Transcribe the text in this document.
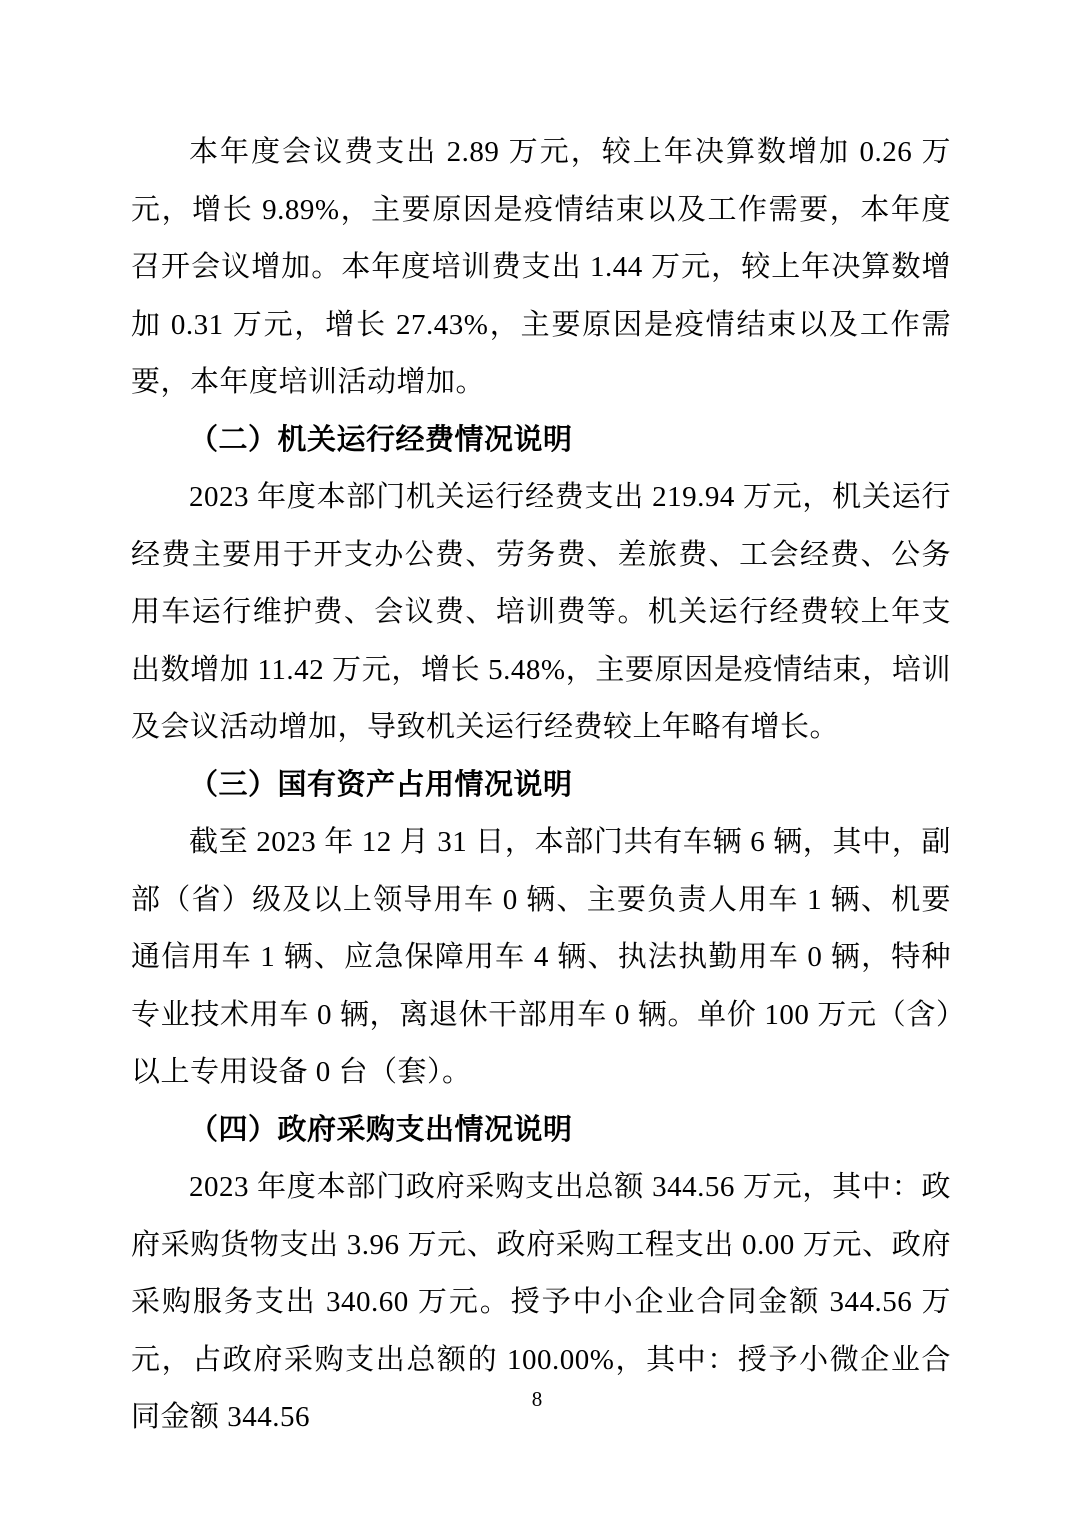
本年度会议费支出 2.89 万元，较上年决算数增加 0.26 万元，增长 9.89%，主要原因是疫情结束以及工作需要，本年度召开会议增加。本年度培训费支出 1.44 万元，较上年决算数增加 0.31 万元，增长 27.43%，主要原因是疫情结束以及工作需要，本年度培训活动增加。

（二）机关运行经费情况说明

2023 年度本部门机关运行经费支出 219.94 万元，机关运行经费主要用于开支办公费、劳务费、差旅费、工会经费、公务用车运行维护费、会议费、培训费等。机关运行经费较上年支出数增加 11.42 万元，增长 5.48%，主要原因是疫情结束，培训及会议活动增加，导致机关运行经费较上年略有增长。

（三）国有资产占用情况说明

截至 2023 年 12 月 31 日，本部门共有车辆 6 辆，其中，副部（省）级及以上领导用车 0 辆、主要负责人用车 1 辆、机要通信用车 1 辆、应急保障用车 4 辆、执法执勤用车 0 辆，特种专业技术用车 0 辆，离退休干部用车 0 辆。单价 100 万元（含）以上专用设备 0 台（套）。

（四）政府采购支出情况说明

2023 年度本部门政府采购支出总额 344.56 万元，其中：政府采购货物支出 3.96 万元、政府采购工程支出 0.00 万元、政府采购服务支出 340.60 万元。授予中小企业合同金额 344.56 万元，占政府采购支出总额的 100.00%，其中：授予小微企业合同金额 344.56

8
